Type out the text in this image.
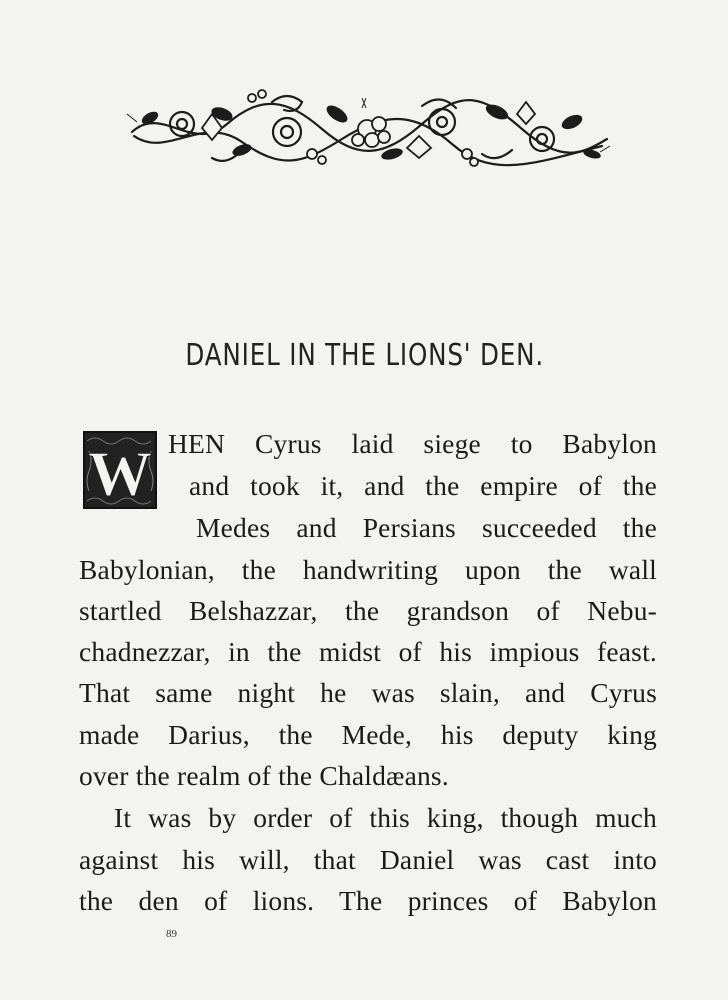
DANIEL IN THE LIONS' DEN.
W HEN Cyrus laid siege to Babylon
and took it, and the empire of the
Medes and Persians succeeded the
Babylonian, the handwriting upon the wall
startled Belshazzar, the grandson of Nebu-
chadnezzar, in the midst of his impious feast.
That same night he was slain, and Cyrus
made Darius, the Mede, his deputy king
over the realm of the Chaldæans.
It was by order of this king, though much
against his will, that Daniel was cast into
the den of lions. The princes of Babylon
89
